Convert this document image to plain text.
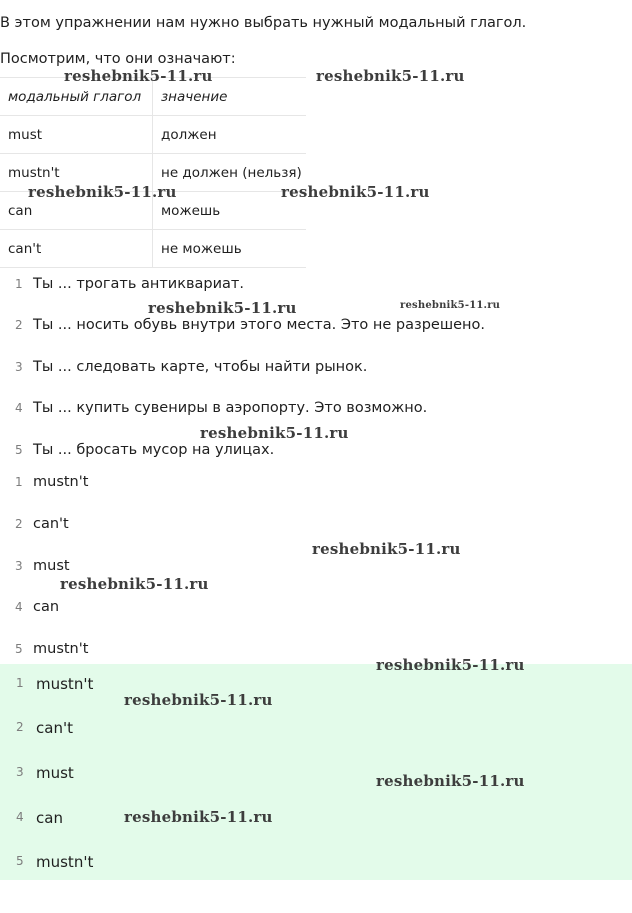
В этом упражнении нам нужно выбрать нужный модальный глагол.
Посмотрим, что они означают:
модальный глагол	значение
must	должен
mustn't	не должен (нельзя)
can	можешь
can't	не можешь
1 Ты ... трогать антиквариат.
2 Ты ... носить обувь внутри этого места. Это не разрешено.
3 Ты ... следовать карте, чтобы найти рынок.
4 Ты ... купить сувениры в аэропорту. Это возможно.
5 Ты ... бросать мусор на улицах.
1 mustn't
2 can't
3 must
4 can
5 mustn't
1 mustn't
2 can't
3 must
4 can
5 mustn't
reshebnik5-11.ru	reshebnik5-11.ru
reshebnik5-11.ru	reshebnik5-11.ru
reshebnik5-11.ru	reshebnik5-11.ru
reshebnik5-11.ru
reshebnik5-11.ru
reshebnik5-11.ru
reshebnik5-11.ru
reshebnik5-11.ru
reshebnik5-11.ru
reshebnik5-11.ru
